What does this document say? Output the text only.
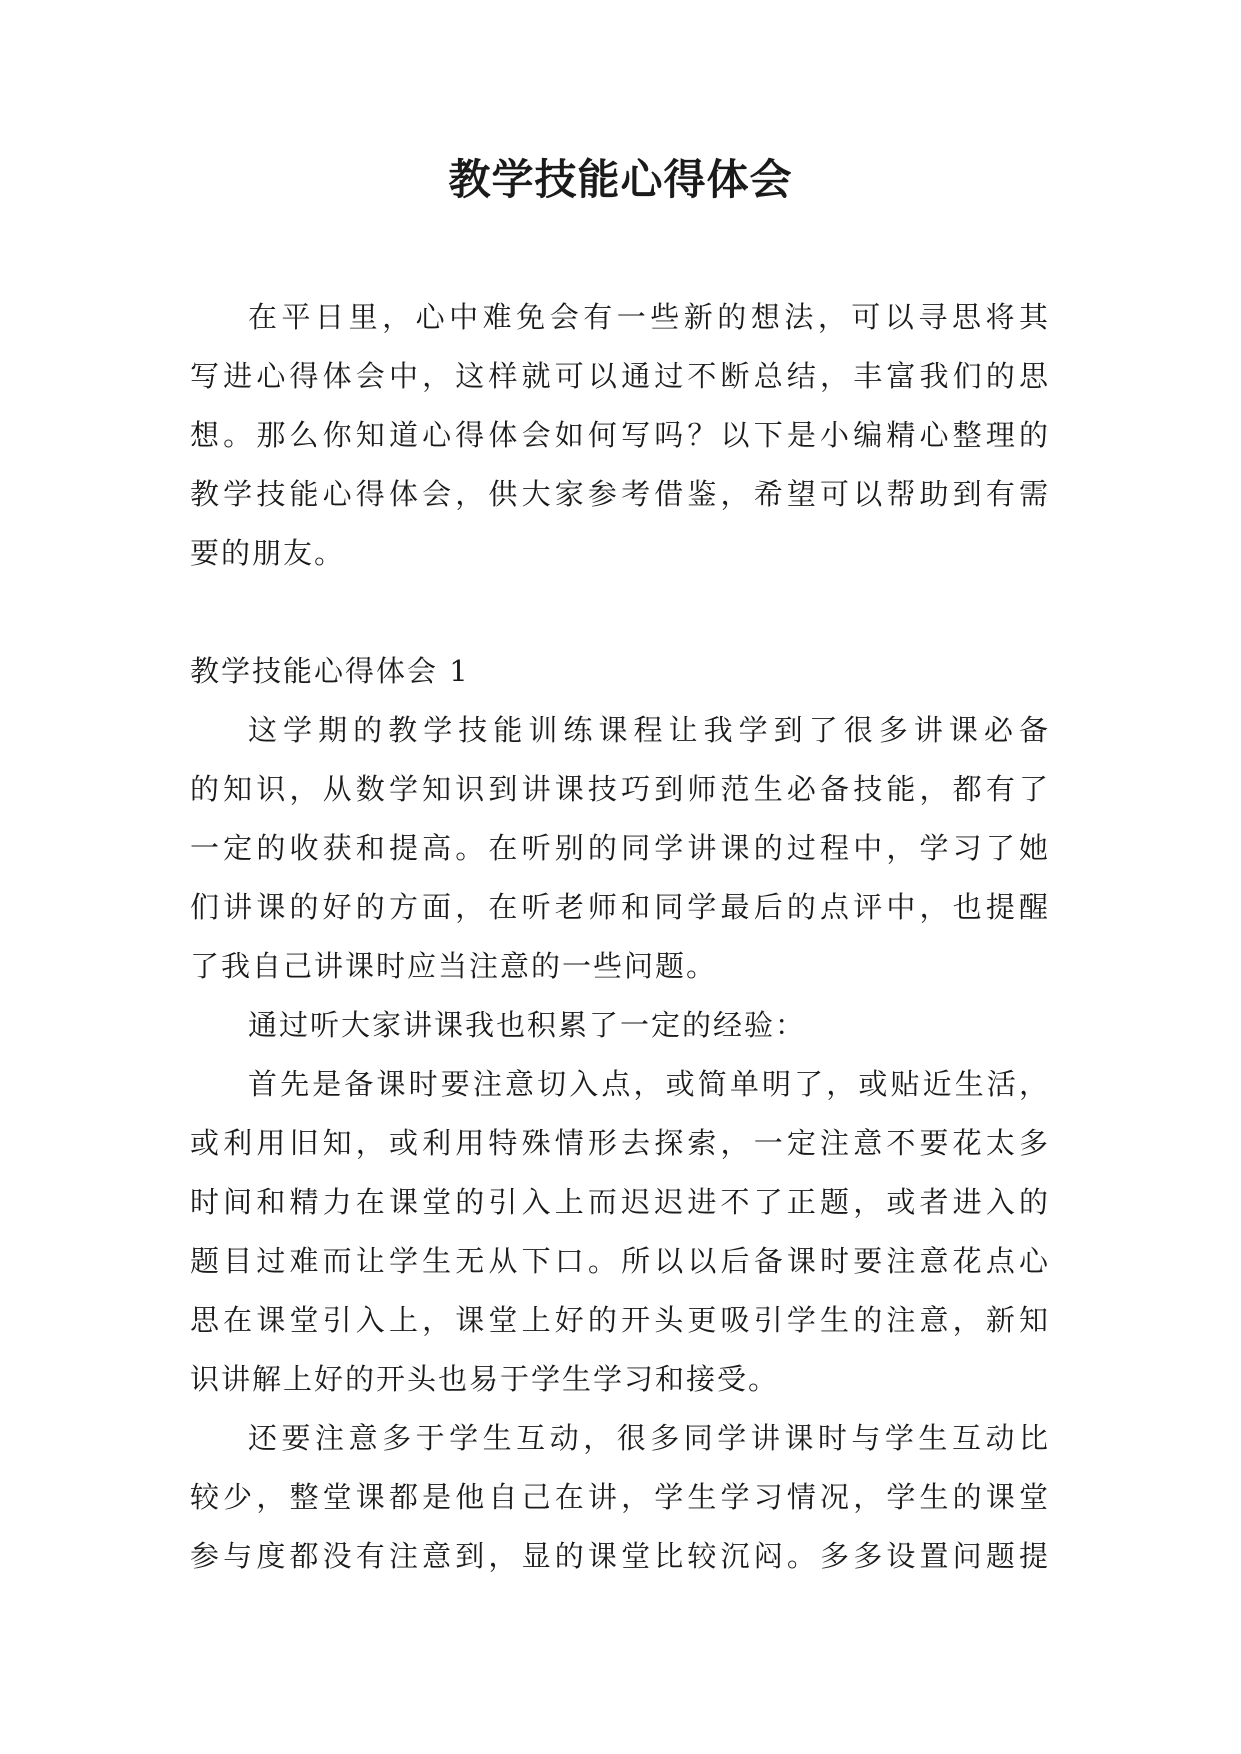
教学技能心得体会
在平日里，心中难免会有一些新的想法，可以寻思将其
写进心得体会中，这样就可以通过不断总结，丰富我们的思
想。那么你知道心得体会如何写吗？以下是小编精心整理的
教学技能心得体会，供大家参考借鉴，希望可以帮助到有需
要的朋友。
教学技能心得体会 1
这学期的教学技能训练课程让我学到了很多讲课必备
的知识，从数学知识到讲课技巧到师范生必备技能，都有了
一定的收获和提高。在听别的同学讲课的过程中，学习了她
们讲课的好的方面，在听老师和同学最后的点评中，也提醒
了我自己讲课时应当注意的一些问题。
通过听大家讲课我也积累了一定的经验：
首先是备课时要注意切入点，或简单明了，或贴近生活，
或利用旧知，或利用特殊情形去探索，一定注意不要花太多
时间和精力在课堂的引入上而迟迟进不了正题，或者进入的
题目过难而让学生无从下口。所以以后备课时要注意花点心
思在课堂引入上，课堂上好的开头更吸引学生的注意，新知
识讲解上好的开头也易于学生学习和接受。
还要注意多于学生互动，很多同学讲课时与学生互动比
较少，整堂课都是他自己在讲，学生学习情况，学生的课堂
参与度都没有注意到，显的课堂比较沉闷。多多设置问题提
